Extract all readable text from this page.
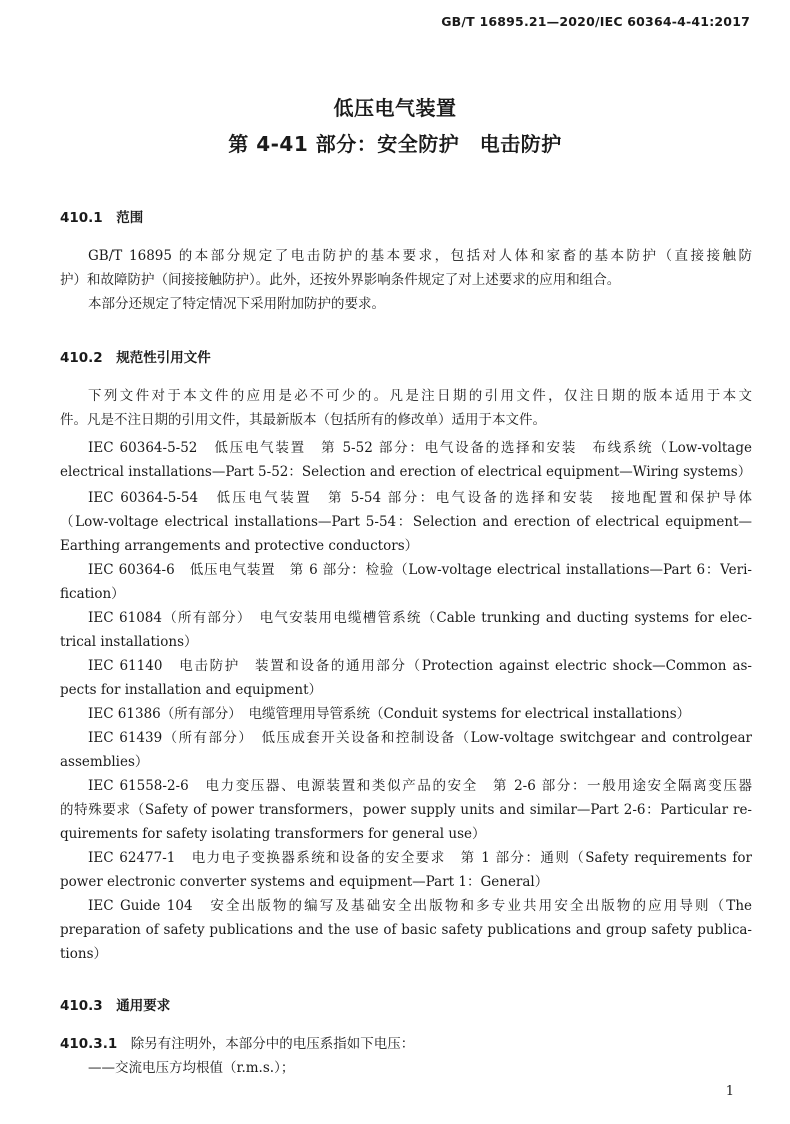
GB/T 16895.21—2020/IEC 60364-4-41:2017
低压电气装置
第 4-41 部分：安全防护　电击防护
410.1　范围
GB/T 16895 的本部分规定了电击防护的基本要求，包括对人体和家畜的基本防护（直接接触防
护）和故障防护（间接接触防护）。此外，还按外界影响条件规定了对上述要求的应用和组合。
本部分还规定了特定情况下采用附加防护的要求。
410.2　规范性引用文件
下列文件对于本文件的应用是必不可少的。凡是注日期的引用文件，仅注日期的版本适用于本文
件。凡是不注日期的引用文件，其最新版本（包括所有的修改单）适用于本文件。
IEC 60364-5-52　低压电气装置　第 5-52 部分：电气设备的选择和安装　布线系统（Low-voltage
electrical installations—Part 5-52：Selection and erection of electrical equipment—Wiring systems）
IEC 60364-5-54　低压电气装置　第 5-54 部分：电气设备的选择和安装　接地配置和保护导体
（Low-voltage electrical installations—Part 5-54：Selection and erection of electrical equipment—
Earthing arrangements and protective conductors）
IEC 60364-6　低压电气装置　第 6 部分：检验（Low-voltage electrical installations—Part 6：Veri-
fication）
IEC 61084（所有部分）　电气安装用电缆槽管系统（Cable trunking and ducting systems for elec-
trical installations）
IEC 61140　电击防护　装置和设备的通用部分（Protection against electric shock—Common as-
pects for installation and equipment）
IEC 61386（所有部分）　电缆管理用导管系统（Conduit systems for electrical installations）
IEC 61439（所有部分）　低压成套开关设备和控制设备（Low-voltage switchgear and controlgear
assemblies）
IEC 61558-2-6　电力变压器、电源装置和类似产品的安全　第 2-6 部分：一般用途安全隔离变压器
的特殊要求（Safety of power transformers，power supply units and similar—Part 2-6：Particular re-
quirements for safety isolating transformers for general use）
IEC 62477-1　电力电子变换器系统和设备的安全要求　第 1 部分：通则（Safety requirements for
power electronic converter systems and equipment—Part 1：General）
IEC Guide 104　安全出版物的编写及基础安全出版物和多专业共用安全出版物的应用导则（The
preparation of safety publications and the use of basic safety publications and group safety publica-
tions）
410.3　通用要求
410.3.1　 除另有注明外，本部分中的电压系指如下电压：
——交流电压方均根值（r.m.s.）；
1
